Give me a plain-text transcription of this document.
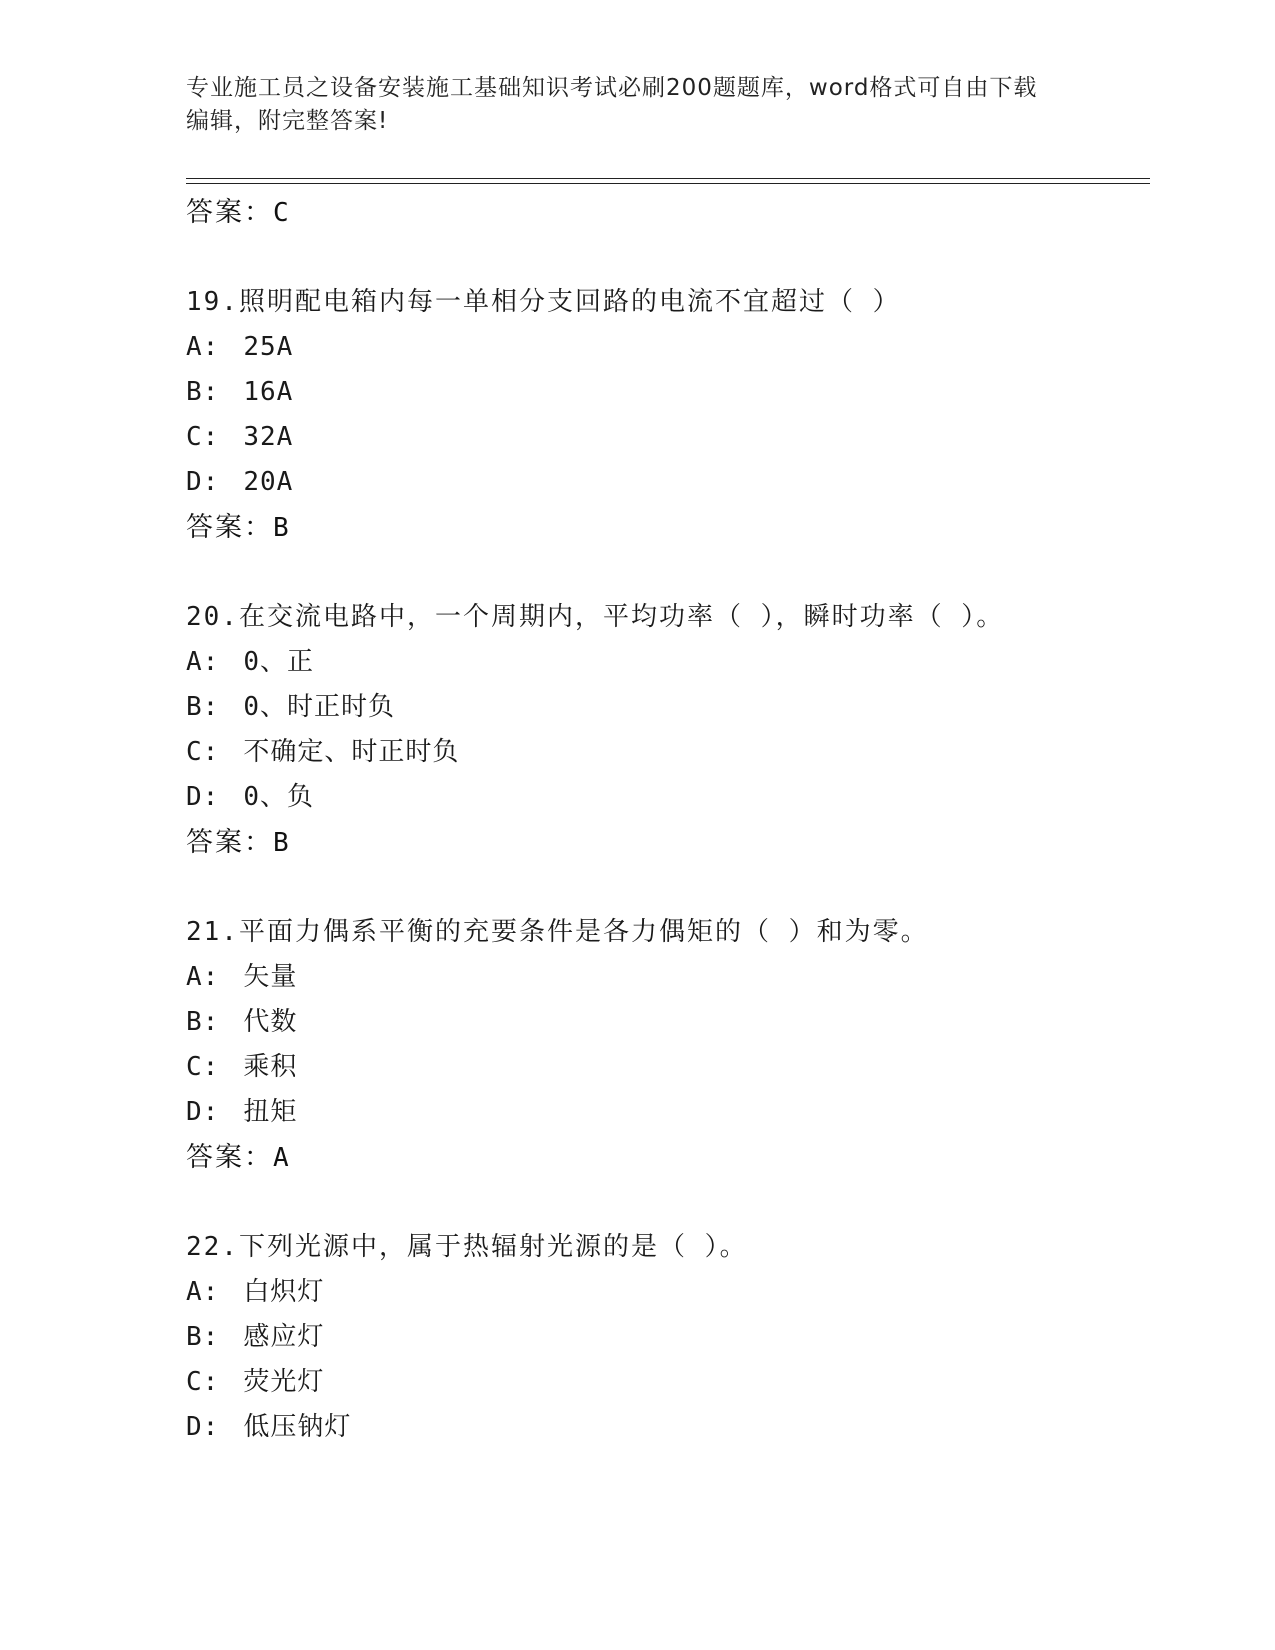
专业施工员之设备安装施工基础知识考试必刷200题题库，word格式可自由下载
编辑，附完整答案!
答案：C
19.照明配电箱内每一单相分支回路的电流不宜超过（ ）
A: 25A
B: 16A
C: 32A
D: 20A
答案：B
20.在交流电路中，一个周期内，平均功率（ ），瞬时功率（ ）。
A: 0、正
B: 0、时正时负
C: 不确定、时正时负
D: 0、负
答案：B
21.平面力偶系平衡的充要条件是各力偶矩的（ ）和为零。
A: 矢量
B: 代数
C: 乘积
D: 扭矩
答案：A
22.下列光源中，属于热辐射光源的是（ ）。
A: 白炽灯
B: 感应灯
C: 荧光灯
D: 低压钠灯
